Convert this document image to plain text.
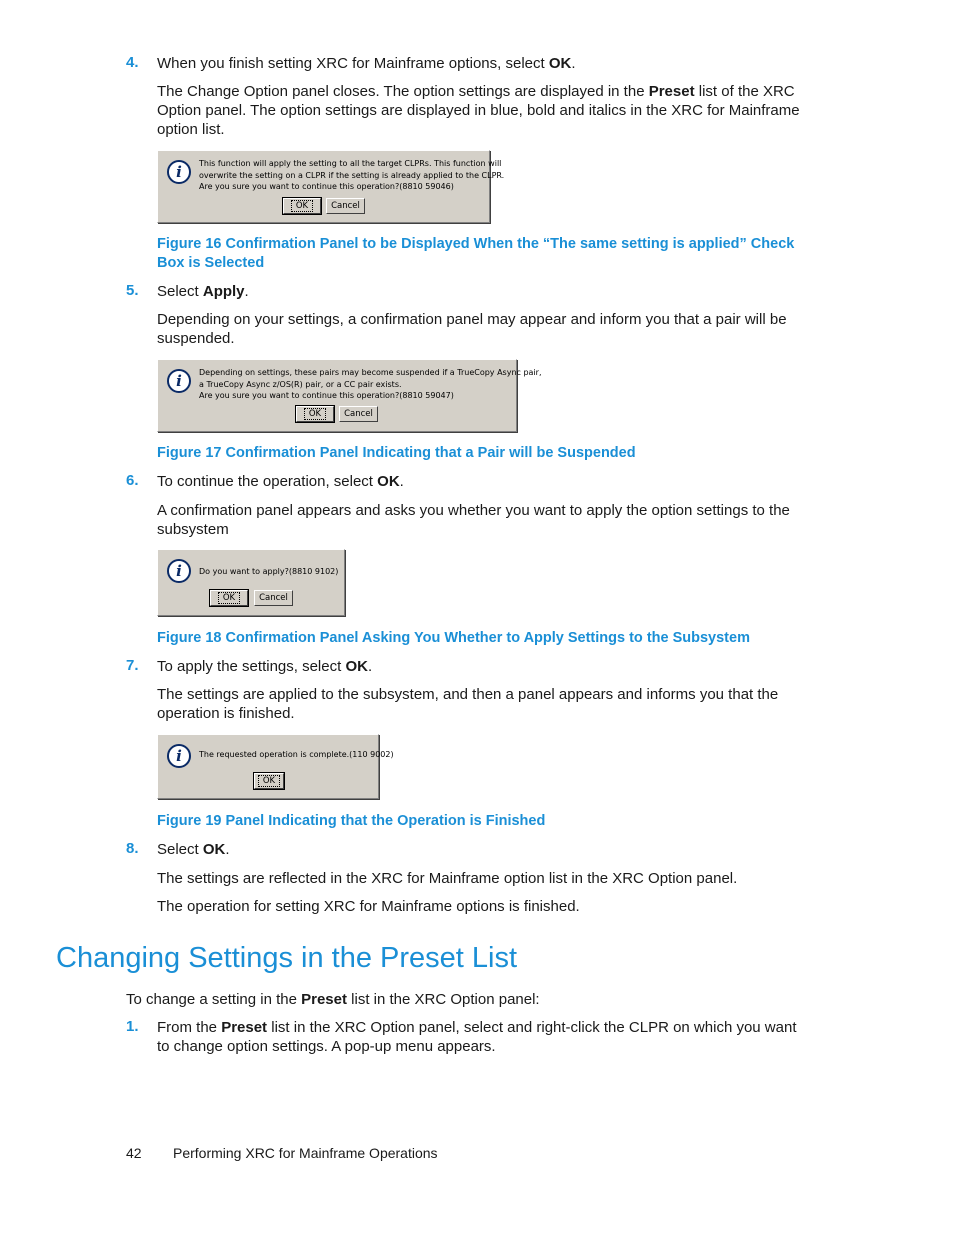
4. When you finish setting XRC for Mainframe options, select OK.
The Change Option panel closes. The option settings are displayed in the Preset list of the XRC Option panel. The option settings are displayed in blue, bold and italics in the XRC for Mainframe option list.
i	This function will apply the setting to all the target CLPRs. This function will
overwrite the setting on a CLPR if the setting is already applied to the CLPR.
Are you sure you want to continue this operation?(8810 59046)
OK	Cancel
Figure 16 Confirmation Panel to be Displayed When the “The same setting is applied” Check Box is Selected
5. Select Apply.
Depending on your settings, a confirmation panel may appear and inform you that a pair will be suspended.
i	Depending on settings, these pairs may become suspended if a TrueCopy Async pair,
a TrueCopy Async z/OS(R) pair, or a CC pair exists.
Are you sure you want to continue this operation?(8810 59047)
OK	Cancel
Figure 17 Confirmation Panel Indicating that a Pair will be Suspended
6. To continue the operation, select OK.
A confirmation panel appears and asks you whether you want to apply the option settings to the subsystem
i	Do you want to apply?(8810 9102)
OK	Cancel
Figure 18 Confirmation Panel Asking You Whether to Apply Settings to the Subsystem
7. To apply the settings, select OK.
The settings are applied to the subsystem, and then a panel appears and informs you that the operation is finished.
i	The requested operation is complete.(110 9002)
OK
Figure 19 Panel Indicating that the Operation is Finished
8. Select OK.
The settings are reflected in the XRC for Mainframe option list in the XRC Option panel.
The operation for setting XRC for Mainframe options is finished.
Changing Settings in the Preset List
To change a setting in the Preset list in the XRC Option panel:
1. From the Preset list in the XRC Option panel, select and right-click the CLPR on which you want to change option settings. A pop-up menu appears.
42 Performing XRC for Mainframe Operations
